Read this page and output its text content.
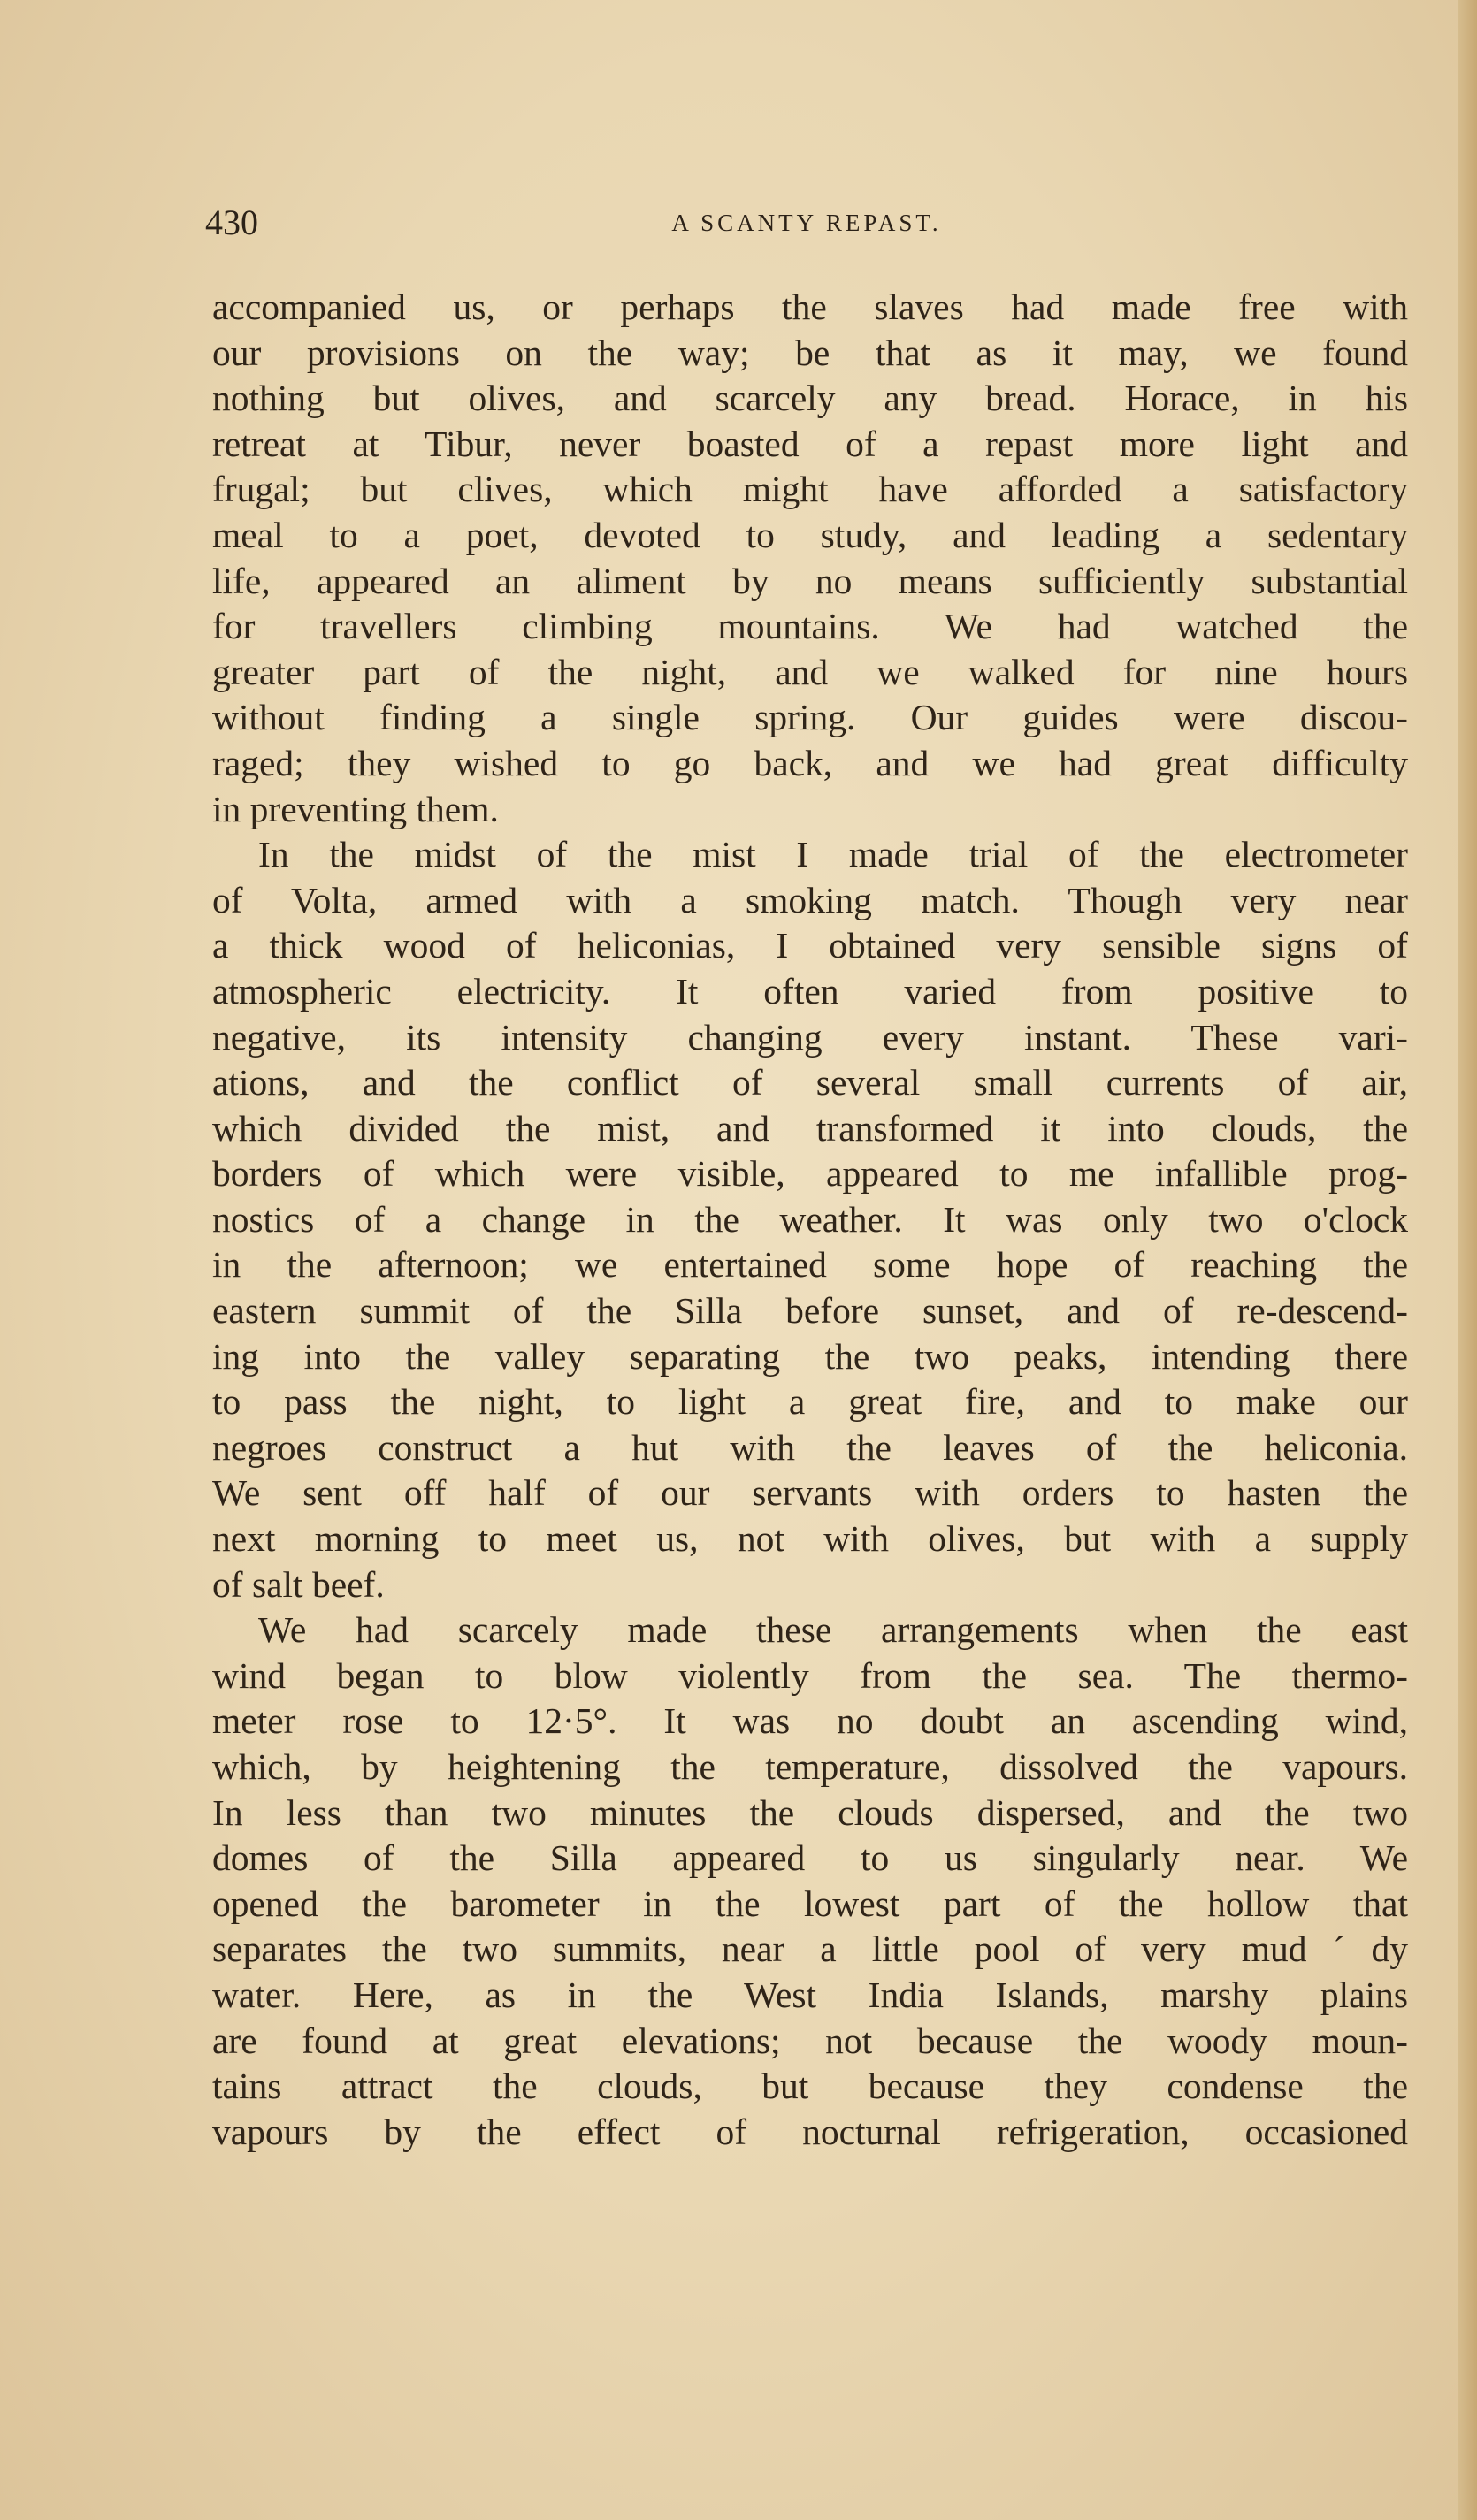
430	A SCANTY REPAST.

accompanied us, or perhaps the slaves had made free with

our provisions on the way; be that as it may, we found

nothing but olives, and scarcely any bread. Horace, in his

retreat at Tibur, never boasted of a repast more light and

frugal; but clives, which might have afforded a satisfactory

meal to a poet, devoted to study, and leading a sedentary

life, appeared an aliment by no means sufficiently substantial

for travellers climbing mountains. We had watched the

greater part of the night, and we walked for nine hours

without finding a single spring. Our guides were discou-

raged; they wished to go back, and we had great difficulty

in preventing them.

In the midst of the mist I made trial of the electrometer

of Volta, armed with a smoking match. Though very near

a thick wood of heliconias, I obtained very sensible signs of

atmospheric electricity. It often varied from positive to

negative, its intensity changing every instant. These vari-

ations, and the conflict of several small currents of air,

which divided the mist, and transformed it into clouds, the

borders of which were visible, appeared to me infallible prog-

nostics of a change in the weather. It was only two o'clock

in the afternoon; we entertained some hope of reaching the

eastern summit of the Silla before sunset, and of re-descend-

ing into the valley separating the two peaks, intending there

to pass the night, to light a great fire, and to make our

negroes construct a hut with the leaves of the heliconia.

We sent off half of our servants with orders to hasten the

next morning to meet us, not with olives, but with a supply

of salt beef.

We had scarcely made these arrangements when the east

wind began to blow violently from the sea. The thermo-

meter rose to 12·5°. It was no doubt an ascending wind,

which, by heightening the temperature, dissolved the vapours.

In less than two minutes the clouds dispersed, and the two

domes of the Silla appeared to us singularly near. We

opened the barometer in the lowest part of the hollow that

separates the two summits, near a little pool of very mudˊdy

water. Here, as in the West India Islands, marshy plains

are found at great elevations; not because the woody moun-

tains attract the clouds, but because they condense the

vapours by the effect of nocturnal refrigeration, occasioned
